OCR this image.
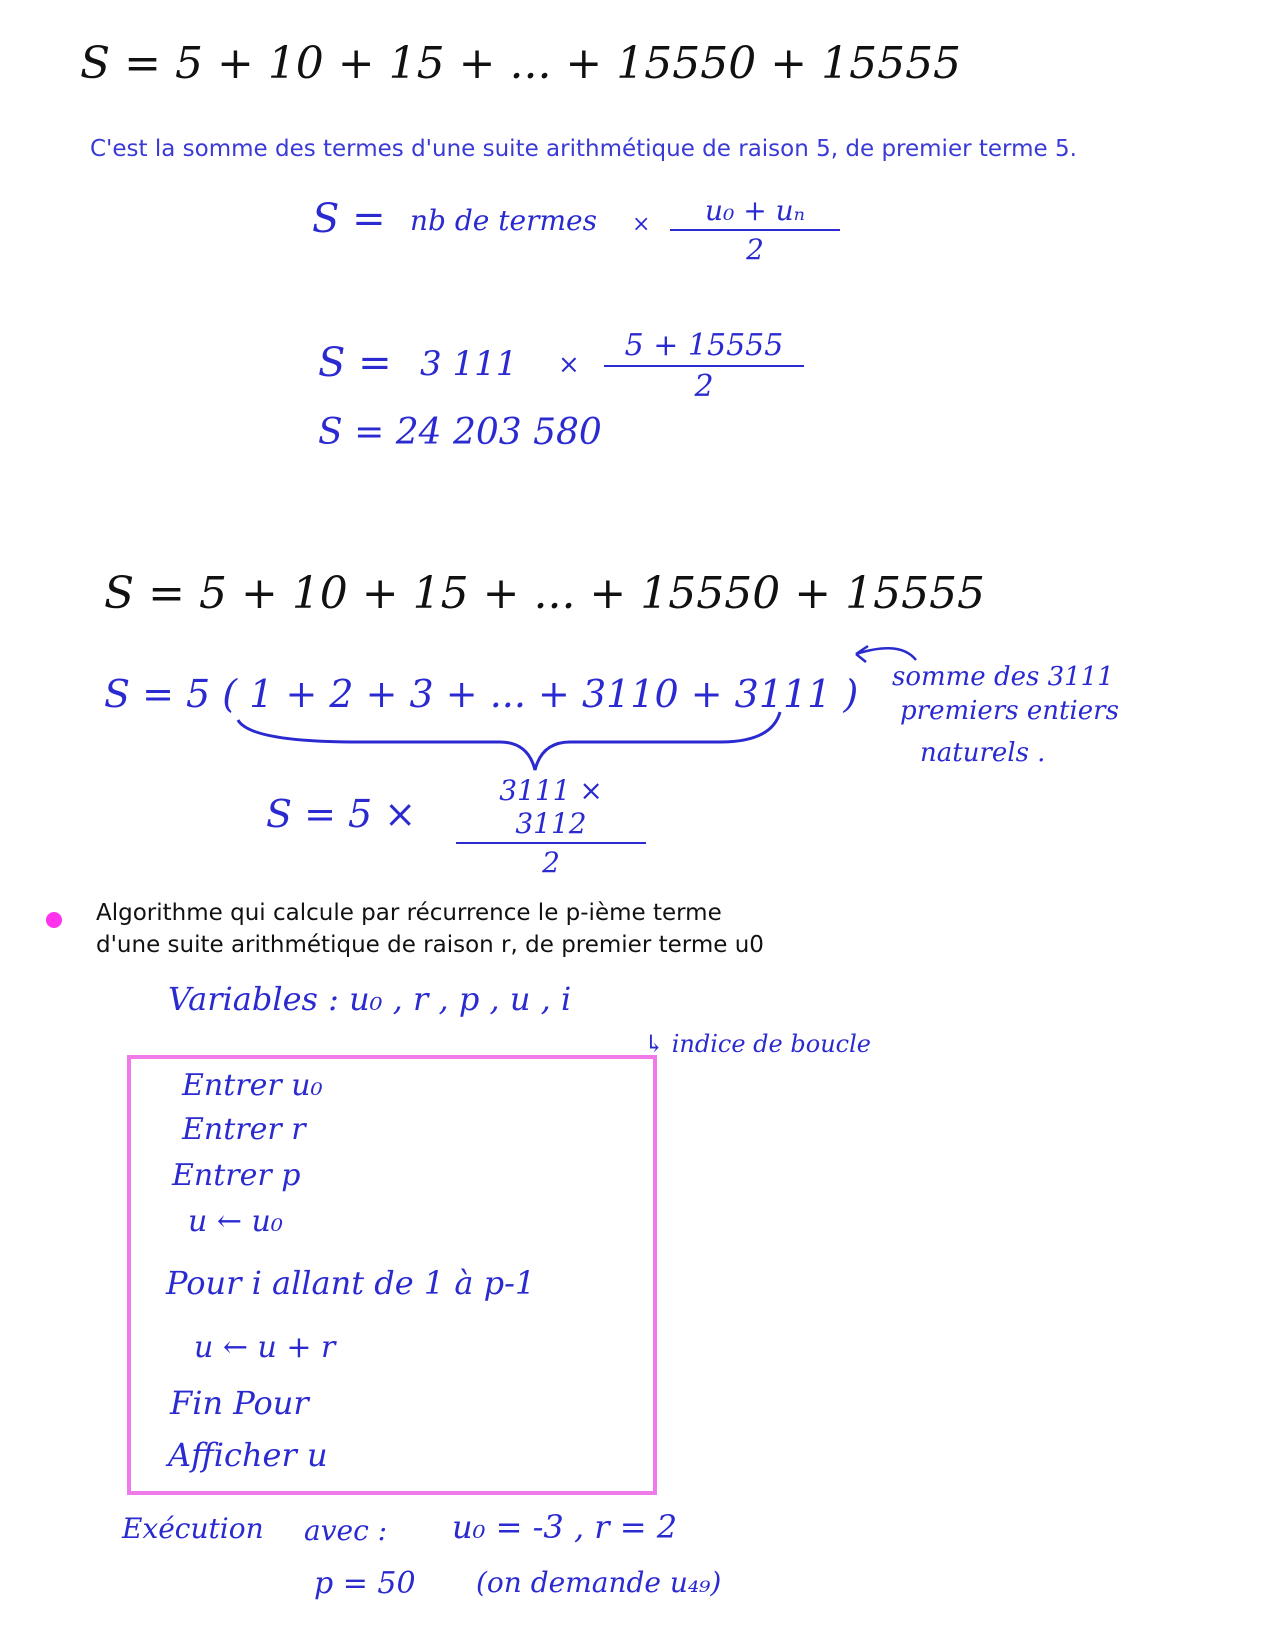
S = 5 + 10 + 15 + ... + 15550 + 15555
C'est la somme des termes d'une suite arithmétique de raison 5, de premier terme 5.
S = nb de termes × $\frac{\text{u₀ + uₙ}}{2}$
S = 3 $111 \times \frac{5 + 15555}{2}$
S = 24 203 580
S = 5 + 10 + 15 + ... + 15550 + 15555
S = 5 ( 1 + 2 + 3 + ... + 3110 + 3111 ) somme des 3111
premiers entiers
naturels .
$S = 5 \times \frac{3111 \times 3112}{2}$
Algorithme qui calcule par récurrence le p-ième terme
d'une suite arithmétique de raison r, de premier terme u0
Variables : u₀ , r , p , u , i
↳ indice de boucle
Entrer u₀
Entrer r
Entrer p
u ← u₀
Pour i allant de 1 à p-1
u ← u + r
Fin Pour
Afficher u
Exécution avec : u₀ = -3 , r = 2
p = 50 (on demande u₄₉)
